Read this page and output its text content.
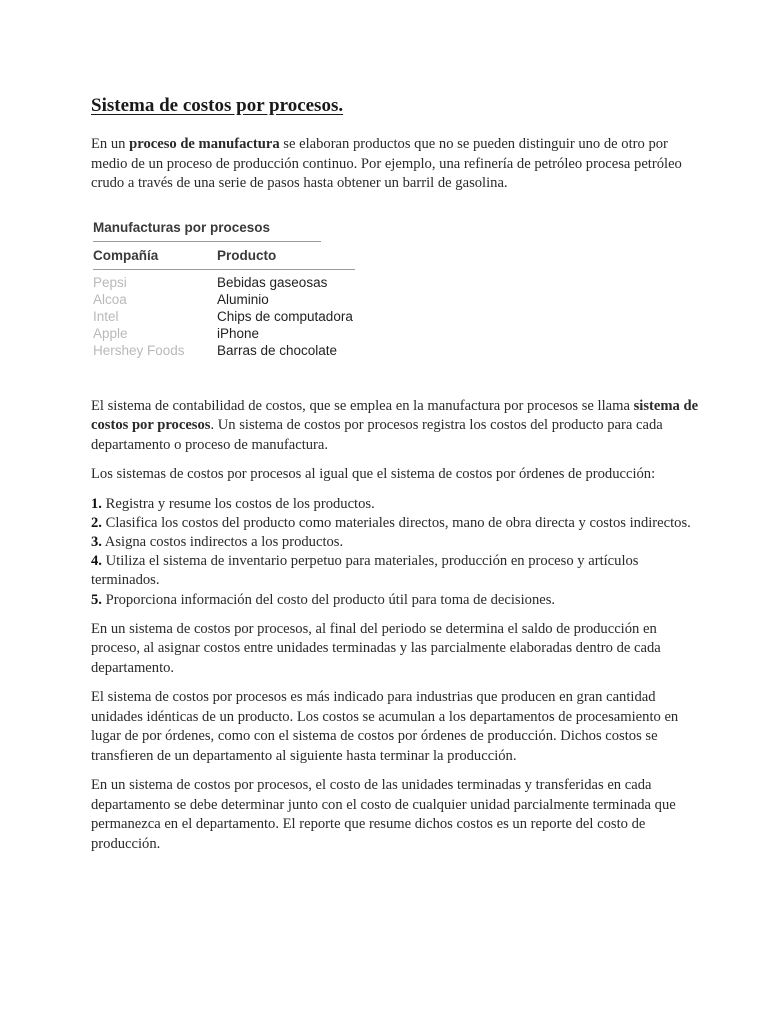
Sistema de costos por procesos.

En un proceso de manufactura se elaboran productos que no se pueden distinguir uno de otro por medio de un proceso de producción continuo. Por ejemplo, una refinería de petróleo procesa petróleo crudo a través de una serie de pasos hasta obtener un barril de gasolina.

Manufacturas por procesos
Compañía	Producto
Pepsi	Bebidas gaseosas
Alcoa	Aluminio
Intel	Chips de computadora
Apple	iPhone
Hershey Foods	Barras de chocolate

El sistema de contabilidad de costos, que se emplea en la manufactura por procesos se llama sistema de costos por procesos. Un sistema de costos por procesos registra los costos del producto para cada departamento o proceso de manufactura.

Los sistemas de costos por procesos al igual que el sistema de costos por órdenes de producción:

1. Registra y resume los costos de los productos.
2. Clasifica los costos del producto como materiales directos, mano de obra directa y costos indirectos.
3. Asigna costos indirectos a los productos.
4. Utiliza el sistema de inventario perpetuo para materiales, producción en proceso y artículos terminados.
5. Proporciona información del costo del producto útil para toma de decisiones.

En un sistema de costos por procesos, al final del periodo se determina el saldo de producción en proceso, al asignar costos entre unidades terminadas y las parcialmente elaboradas dentro de cada departamento.

El sistema de costos por procesos es más indicado para industrias que producen en gran cantidad unidades idénticas de un producto. Los costos se acumulan a los departamentos de procesamiento en lugar de por órdenes, como con el sistema de costos por órdenes de producción. Dichos costos se transfieren de un departamento al siguiente hasta terminar la producción.

En un sistema de costos por procesos, el costo de las unidades terminadas y transferidas en cada departamento se debe determinar junto con el costo de cualquier unidad parcialmente terminada que permanezca en el departamento. El reporte que resume dichos costos es un reporte del costo de producción.
